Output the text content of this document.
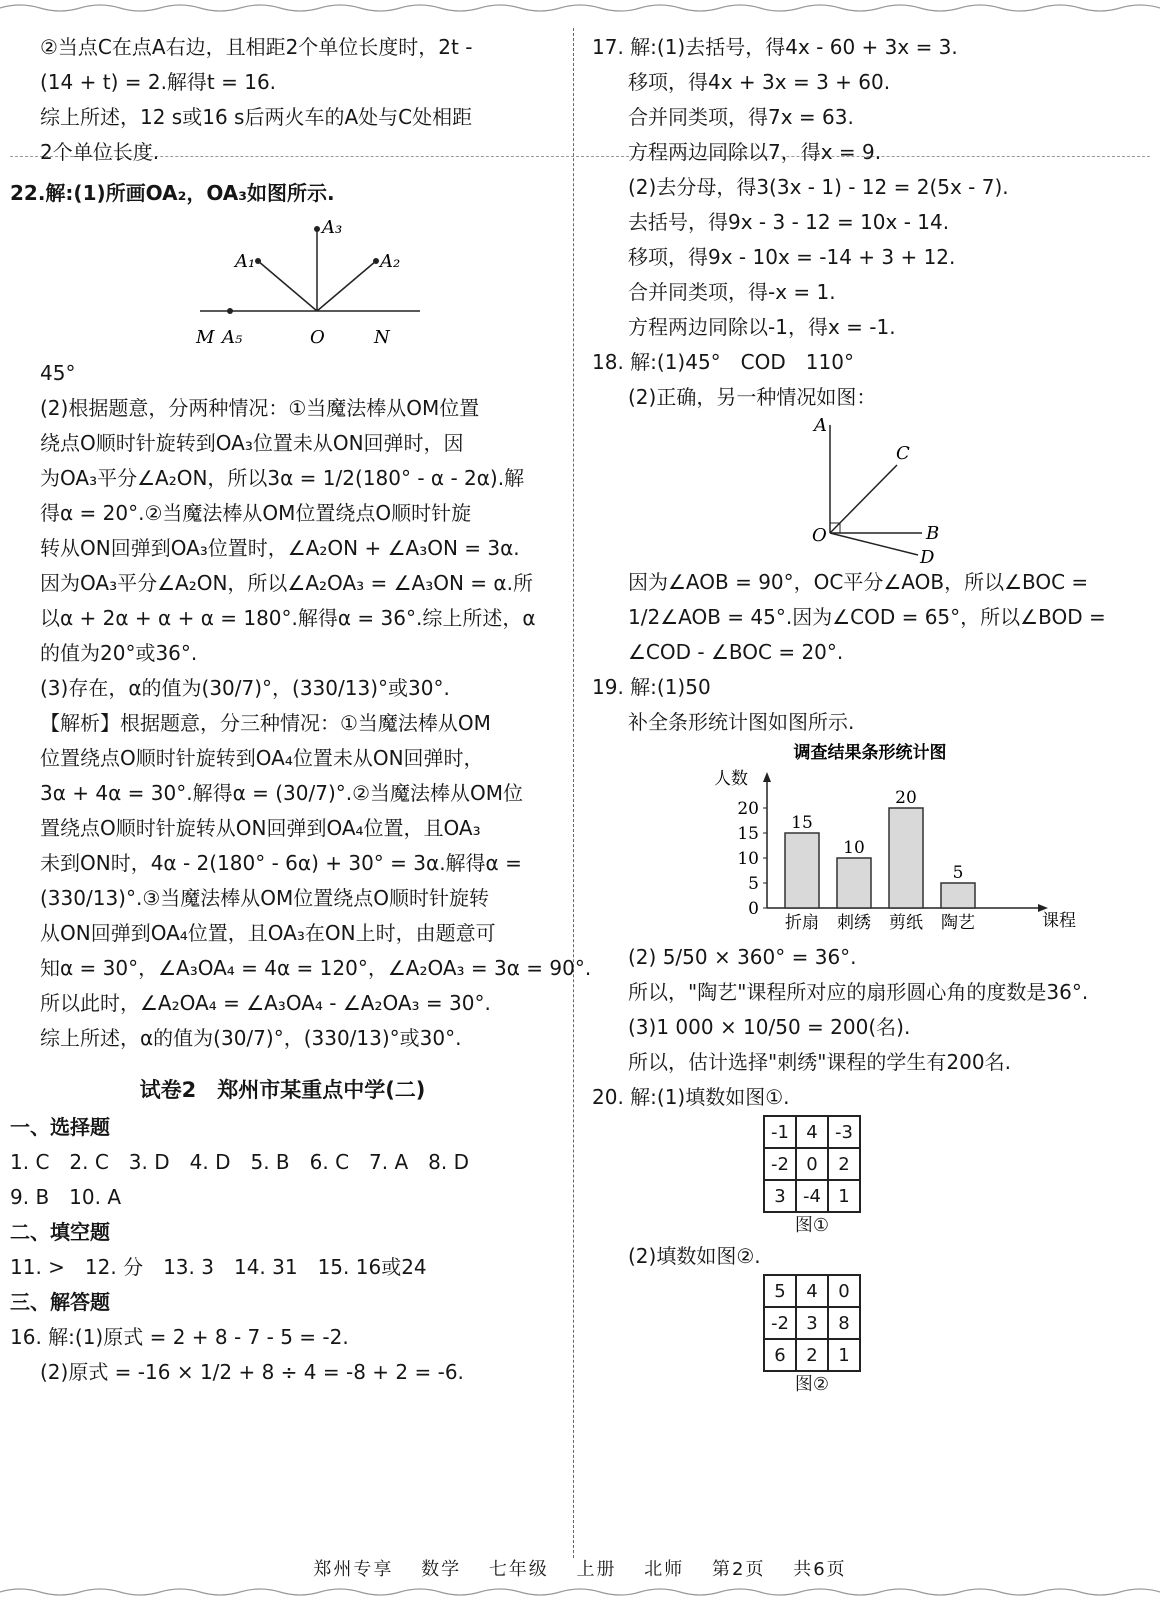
②当点C在点A右边，且相距2个单位长度时，2t -
(14 + t) = 2.解得t = 16.
综上所述，12 s或16 s后两火车的A处与C处相距
2个单位长度.
22.解:(1)所画OA₂，OA₃如图所示.
A₃
A₁	A₂
M A₅	O	N
45°
(2)根据题意，分两种情况：①当魔法棒从OM位置
绕点O顺时针旋转到OA₃位置未从ON回弹时，因
为OA₃平分∠A₂ON，所以3α = 1/2(180° - α - 2α).解
得α = 20°.②当魔法棒从OM位置绕点O顺时针旋
转从ON回弹到OA₃位置时，∠A₂ON + ∠A₃ON = 3α.
因为OA₃平分∠A₂ON，所以∠A₂OA₃ = ∠A₃ON = α.所
以α + 2α + α + α = 180°.解得α = 36°.综上所述，α
的值为20°或36°.
(3)存在，α的值为(30/7)°，(330/13)°或30°.
【解析】根据题意，分三种情况：①当魔法棒从OM
位置绕点O顺时针旋转到OA₄位置未从ON回弹时，
3α + 4α = 30°.解得α = (30/7)°.②当魔法棒从OM位
置绕点O顺时针旋转从ON回弹到OA₄位置，且OA₃
未到ON时，4α - 2(180° - 6α) + 30° = 3α.解得α =
(330/13)°.③当魔法棒从OM位置绕点O顺时针旋转
从ON回弹到OA₄位置，且OA₃在ON上时，由题意可
知α = 30°，∠A₃OA₄ = 4α = 120°，∠A₂OA₃ = 3α = 90°.
所以此时，∠A₂OA₄ = ∠A₃OA₄ - ∠A₂OA₃ = 30°.
综上所述，α的值为(30/7)°，(330/13)°或30°.
试卷2　郑州市某重点中学(二)
一、选择题
1. C　2. C　3. D　4. D　5. B　6. C　7. A　8. D
9. B　10. A
二、填空题
11. >　12. 分　13. 3　14. 31　15. 16或24
三、解答题
16. 解:(1)原式 = 2 + 8 - 7 - 5 = -2.
(2)原式 = -16 × 1/2 + 8 ÷ 4 = -8 + 2 = -6.
17. 解:(1)去括号，得4x - 60 + 3x = 3.
移项，得4x + 3x = 3 + 60.
合并同类项，得7x = 63.
方程两边同除以7，得x = 9.
(2)去分母，得3(3x - 1) - 12 = 2(5x - 7).
去括号，得9x - 3 - 12 = 10x - 14.
移项，得9x - 10x = -14 + 3 + 12.
合并同类项，得-x = 1.
方程两边同除以-1，得x = -1.
18. 解:(1)45°　COD　110°
(2)正确，另一种情况如图：
A
C
O	B
D
因为∠AOB = 90°，OC平分∠AOB，所以∠BOC =
1/2∠AOB = 45°.因为∠COD = 65°，所以∠BOD =
∠COD - ∠BOC = 20°.
19. 解:(1)50
补全条形统计图如图所示.
调查结果条形统计图
人数
课程
0
5
10
15
20
15
折扇
10
刺绣
20
剪纸
5
陶艺
(2) 5/50 × 360° = 36°.
所以，"陶艺"课程所对应的扇形圆心角的度数是36°.
(3)1 000 × 10/50 = 200(名).
所以，估计选择"刺绣"课程的学生有200名.
20. 解:(1)填数如图①.
-1	4	-3
-2	0	2
3	-4	1
图①
(2)填数如图②.
5	4	0
-2	3	8
6	2	1
图②
郑州专享 数学 七年级 上册 北师 第2页 共6页
